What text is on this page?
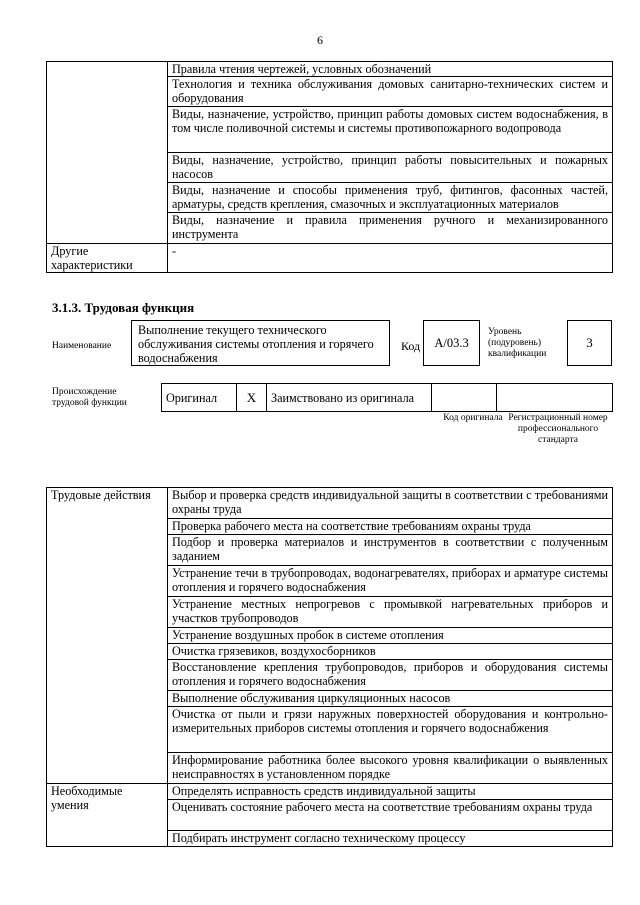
6
	Правила чтения чертежей, условных обозначений
	Технология и техника обслуживания домовых санитарно-технических систем и оборудования
	Виды, назначение, устройство, принцип работы домовых систем водоснабжения, в том числе поливочной системы и системы противопожарного водопровода
	Виды, назначение, устройство, принцип работы повысительных и пожарных насосов
	Виды, назначение и способы применения труб, фитингов, фасонных частей, арматуры, средств крепления, смазочных и эксплуатационных материалов
	Виды, назначение и правила применения ручного и механизированного инструмента
Другие характеристики	-
3.1.3. Трудовая функция
Наименование
Выполнение текущего технического обслуживания системы отопления и горячего водоснабжения
Код	А/03.3
Уровень (подуровень) квалификации
3
Происхождение трудовой функции	Оригинал	X	Заимствовано из оригинала		
Код оригинала Регистрационный номер профессионального стандарта
Трудовые действия	Выбор и проверка средств индивидуальной защиты в соответствии с требованиями охраны труда
	Проверка рабочего места на соответствие требованиям охраны труда
	Подбор и проверка материалов и инструментов в соответствии с полученным заданием
	Устранение течи в трубопроводах, водонагревателях, приборах и арматуре системы отопления и горячего водоснабжения
	Устранение местных непрогревов с промывкой нагревательных приборов и участков трубопроводов
	Устранение воздушных пробок в системе отопления
	Очистка грязевиков, воздухосборников
	Восстановление крепления трубопроводов, приборов и оборудования системы отопления и горячего водоснабжения
	Выполнение обслуживания циркуляционных насосов
	Очистка от пыли и грязи наружных поверхностей оборудования и контрольно-измерительных приборов системы отопления и горячего водоснабжения
	Информирование работника более высокого уровня квалификации о выявленных неисправностях в установленном порядке
Необходимые умения	Определять исправность средств индивидуальной защиты
	Оценивать состояние рабочего места на соответствие требованиям охраны труда
	Подбирать инструмент согласно техническому процессу
